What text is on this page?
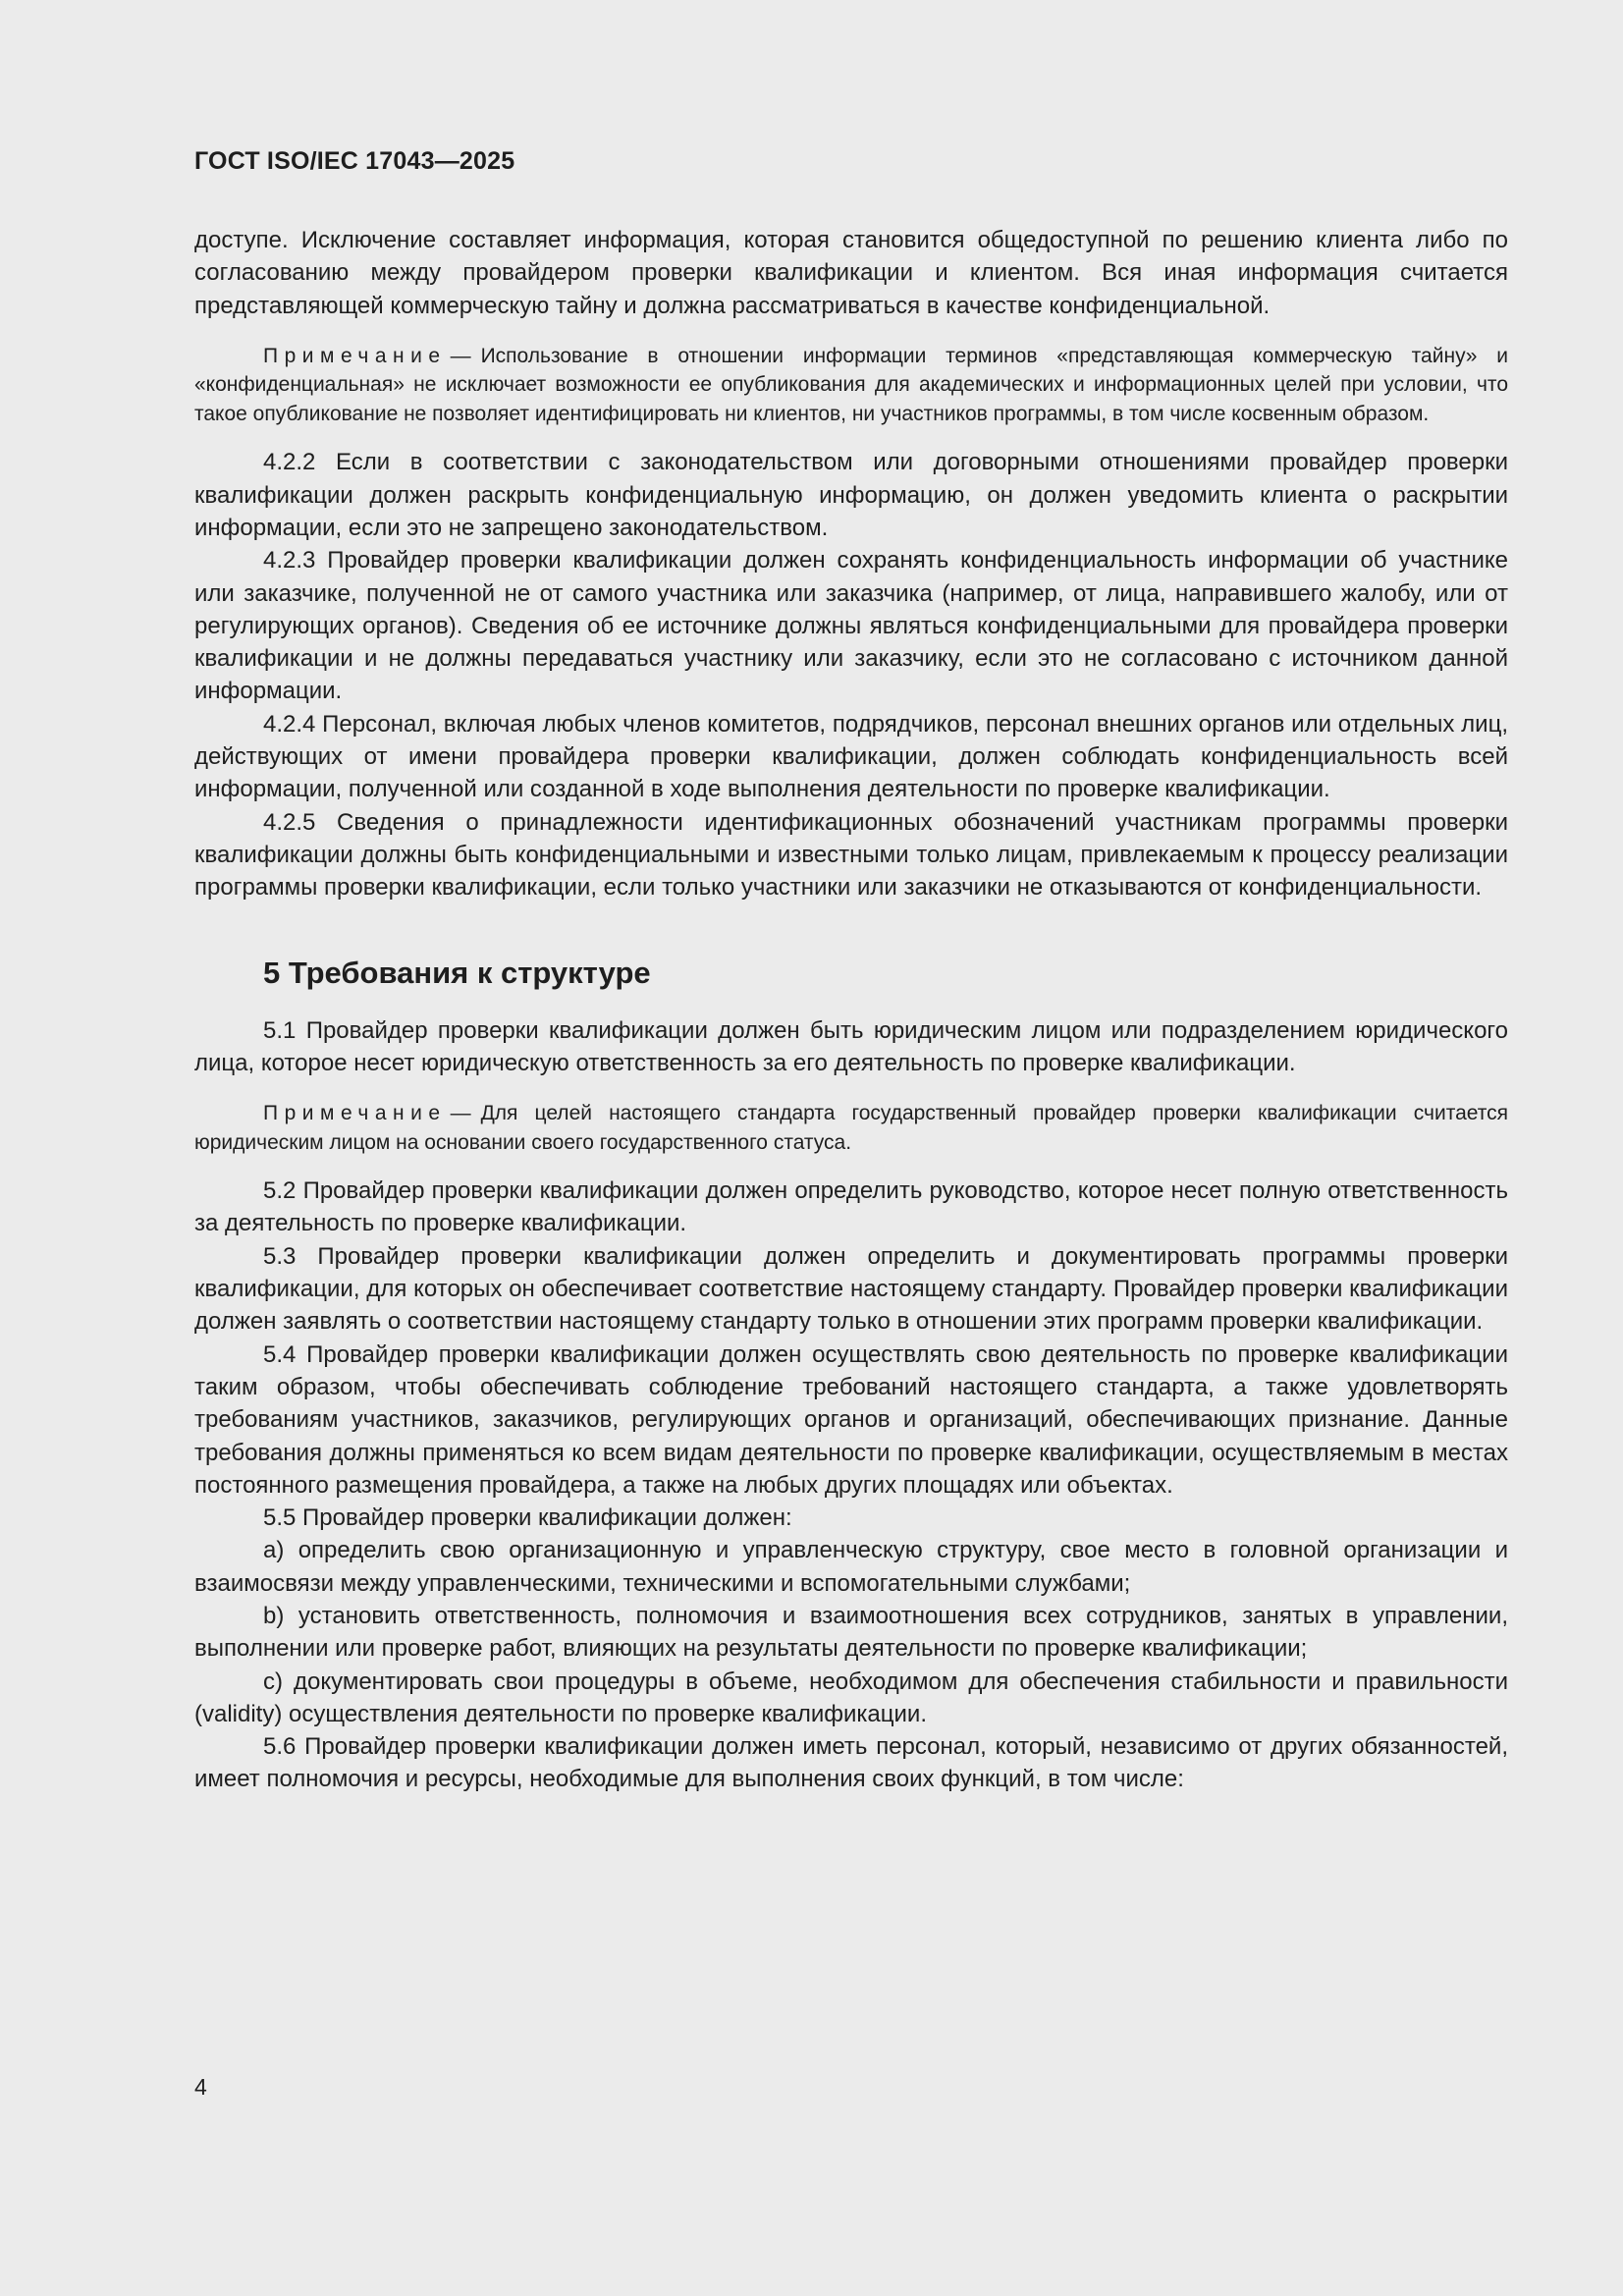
ГОСТ ISO/IEC 17043—2025

доступе. Исключение составляет информация, которая становится общедоступной по решению клиента либо по согласованию между провайдером проверки квалификации и клиентом. Вся иная информация считается представляющей коммерческую тайну и должна рассматриваться в качестве конфиденциальной.

Примечание — Использование в отношении информации терминов «представляющая коммерческую тайну» и «конфиденциальная» не исключает возможности ее опубликования для академических и информационных целей при условии, что такое опубликование не позволяет идентифицировать ни клиентов, ни участников программы, в том числе косвенным образом.

4.2.2 Если в соответствии с законодательством или договорными отношениями провайдер проверки квалификации должен раскрыть конфиденциальную информацию, он должен уведомить клиента о раскрытии информации, если это не запрещено законодательством.

4.2.3 Провайдер проверки квалификации должен сохранять конфиденциальность информации об участнике или заказчике, полученной не от самого участника или заказчика (например, от лица, направившего жалобу, или от регулирующих органов). Сведения об ее источнике должны являться конфиденциальными для провайдера проверки квалификации и не должны передаваться участнику или заказчику, если это не согласовано с источником данной информации.

4.2.4 Персонал, включая любых членов комитетов, подрядчиков, персонал внешних органов или отдельных лиц, действующих от имени провайдера проверки квалификации, должен соблюдать конфиденциальность всей информации, полученной или созданной в ходе выполнения деятельности по проверке квалификации.

4.2.5 Сведения о принадлежности идентификационных обозначений участникам программы проверки квалификации должны быть конфиденциальными и известными только лицам, привлекаемым к процессу реализации программы проверки квалификации, если только участники или заказчики не отказываются от конфиденциальности.

5 Требования к структуре

5.1 Провайдер проверки квалификации должен быть юридическим лицом или подразделением юридического лица, которое несет юридическую ответственность за его деятельность по проверке квалификации.

Примечание — Для целей настоящего стандарта государственный провайдер проверки квалификации считается юридическим лицом на основании своего государственного статуса.

5.2 Провайдер проверки квалификации должен определить руководство, которое несет полную ответственность за деятельность по проверке квалификации.

5.3 Провайдер проверки квалификации должен определить и документировать программы проверки квалификации, для которых он обеспечивает соответствие настоящему стандарту. Провайдер проверки квалификации должен заявлять о соответствии настоящему стандарту только в отношении этих программ проверки квалификации.

5.4 Провайдер проверки квалификации должен осуществлять свою деятельность по проверке квалификации таким образом, чтобы обеспечивать соблюдение требований настоящего стандарта, а также удовлетворять требованиям участников, заказчиков, регулирующих органов и организаций, обеспечивающих признание. Данные требования должны применяться ко всем видам деятельности по проверке квалификации, осуществляемым в местах постоянного размещения провайдера, а также на любых других площадях или объектах.

5.5 Провайдер проверки квалификации должен:

a) определить свою организационную и управленческую структуру, свое место в головной организации и взаимосвязи между управленческими, техническими и вспомогательными службами;

b) установить ответственность, полномочия и взаимоотношения всех сотрудников, занятых в управлении, выполнении или проверке работ, влияющих на результаты деятельности по проверке квалификации;

c) документировать свои процедуры в объеме, необходимом для обеспечения стабильности и правильности (validity) осуществления деятельности по проверке квалификации.

5.6 Провайдер проверки квалификации должен иметь персонал, который, независимо от других обязанностей, имеет полномочия и ресурсы, необходимые для выполнения своих функций, в том числе:

4
